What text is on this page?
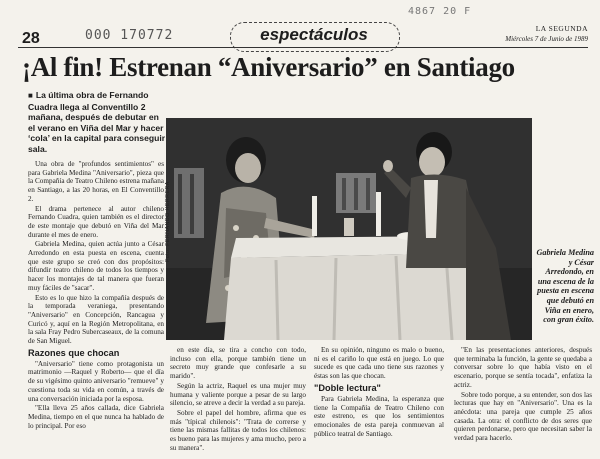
28	000 170772
4867 20 F
espectáculos	LA SEGUNDA
Miércoles 7 de Junio de 1989
¡Al fin! Estrenan “Aniversario” en Santiago
■ La última obra de Fernando Cuadra llega al Conventillo 2 mañana, después de debutar en el verano en Viña del Mar y hacer ‘cola’ en la capital para conseguir sala.

Una obra de "profundos sentimientos" es para Gabriela Medina "Aniversario", pieza que la Compañía de Teatro Chileno estrena mañana en Santiago, a las 20 horas, en El Conventillo 2.

El drama pertenece al autor chileno Fernando Cuadra, quien también es el director de este montaje que debutó en Viña del Mar durante el mes de enero.

Gabriela Medina, quien actúa junto a César Arredondo en esta puesta en escena, cuenta que este grupo se creó con dos propósitos: difundir teatro chileno de todos los tiempos y hacer los montajes de tal manera que fueran muy fáciles de "sacar".

Esto es lo que hizo la compañía después de la temporada veraniega, presentando "Aniversario" en Concepción, Rancagua y Curicó y, aquí en la Región Metropolitana, en la sala Fray Pedro Subercaseaux, de la comuna de San Miguel.

Razones que chocan

"Aniversario" tiene como protagonista un matrimonio —Raquel y Roberto— que el día de su vigésimo quinto aniversario "remueve" y cuestiona toda su vida en común, a través de una conversación iniciada por la esposa.

"Ella lleva 25 años callada, dice Gabriela Medina, tiempo en el que nunca ha hablado de lo principal. Por eso

Foto: FERNANDO HERRERA	Gabriela Medina y César Arredondo, en una escena de la puesta en escena que debutó en Viña en enero, con gran éxito.

en este día, se tira a concho con todo, incluso con ella, porque también tiene un secreto muy grande que confesarle a su marido".

Según la actriz, Raquel es una mujer muy humana y valiente porque a pesar de su largo silencio, se atreve a decir la verdad a su pareja.

Sobre el papel del hombre, afirma que es más "típical chilenois": "Trata de correrse y tiene las mismas fallitas de todos los chilenos: es bueno para las mujeres y ama mucho, pero a su manera".

En su opinión, ninguno es malo o bueno, ni es el cariño lo que está en juego. Lo que sucede es que cada uno tiene sus razones y éstas son las que chocan.

"Doble lectura"

Para Gabriela Medina, la esperanza que tiene la Compañía de Teatro Chileno con este estreno, es que los sentimientos emocionales de esta pareja conmuevan al público teatral de Santiago.

"En las presentaciones anteriores, después que terminaba la función, la gente se quedaba a conversar sobre lo que había visto en el escenario, porque se sentía tocada", enfatiza la actriz.

Sobre todo porque, a su entender, son dos las lecturas que hay en "Aniversario". Una es la anécdota: una pareja que cumple 25 años casada. La otra: el conflicto de dos seres que quieren perdonarse, pero que necesitan saber la verdad para hacerlo.
